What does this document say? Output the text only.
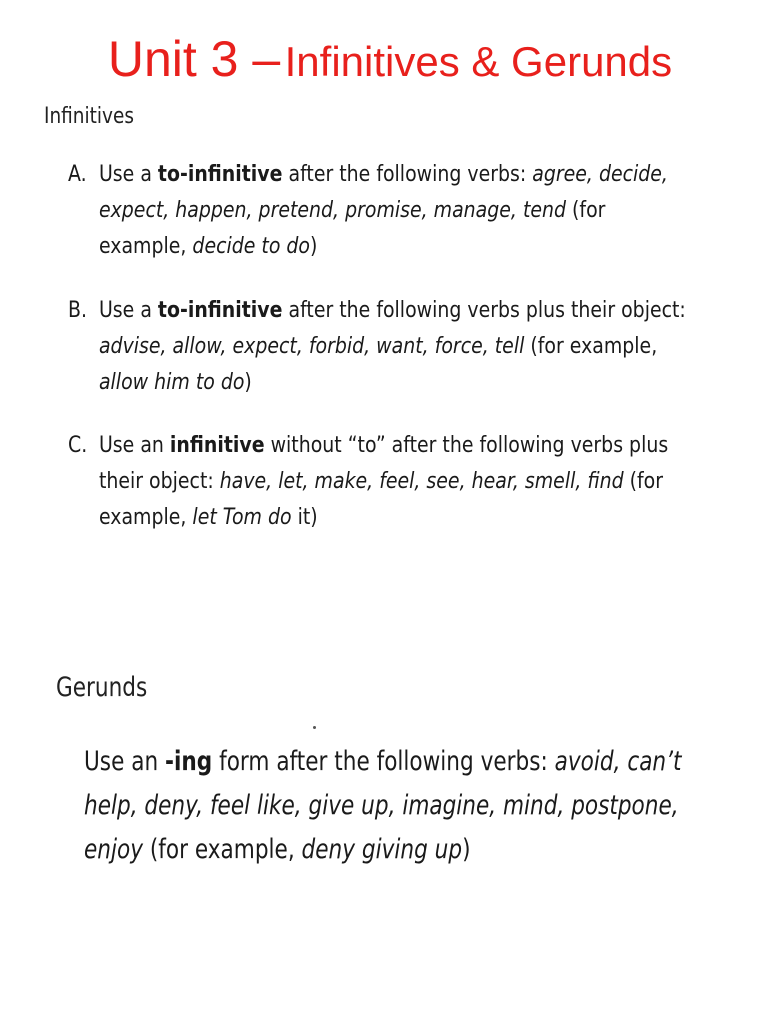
Unit 3 – Infinitives & Gerunds
Infinitives

A. Use a to-infinitive after the following verbs: agree, decide, expect, happen, pretend, promise, manage, tend (for example, decide to do)

B. Use a to-infinitive after the following verbs plus their object: advise, allow, expect, forbid, want, force, tell (for example, allow him to do)

C. Use an infinitive without “to” after the following verbs plus their object: have, let, make, feel, see, hear, smell, find (for example, let Tom do it)

Gerunds

Use an -ing form after the following verbs: avoid, can’t help, deny, feel like, give up, imagine, mind, postpone, enjoy (for example, deny giving up)
